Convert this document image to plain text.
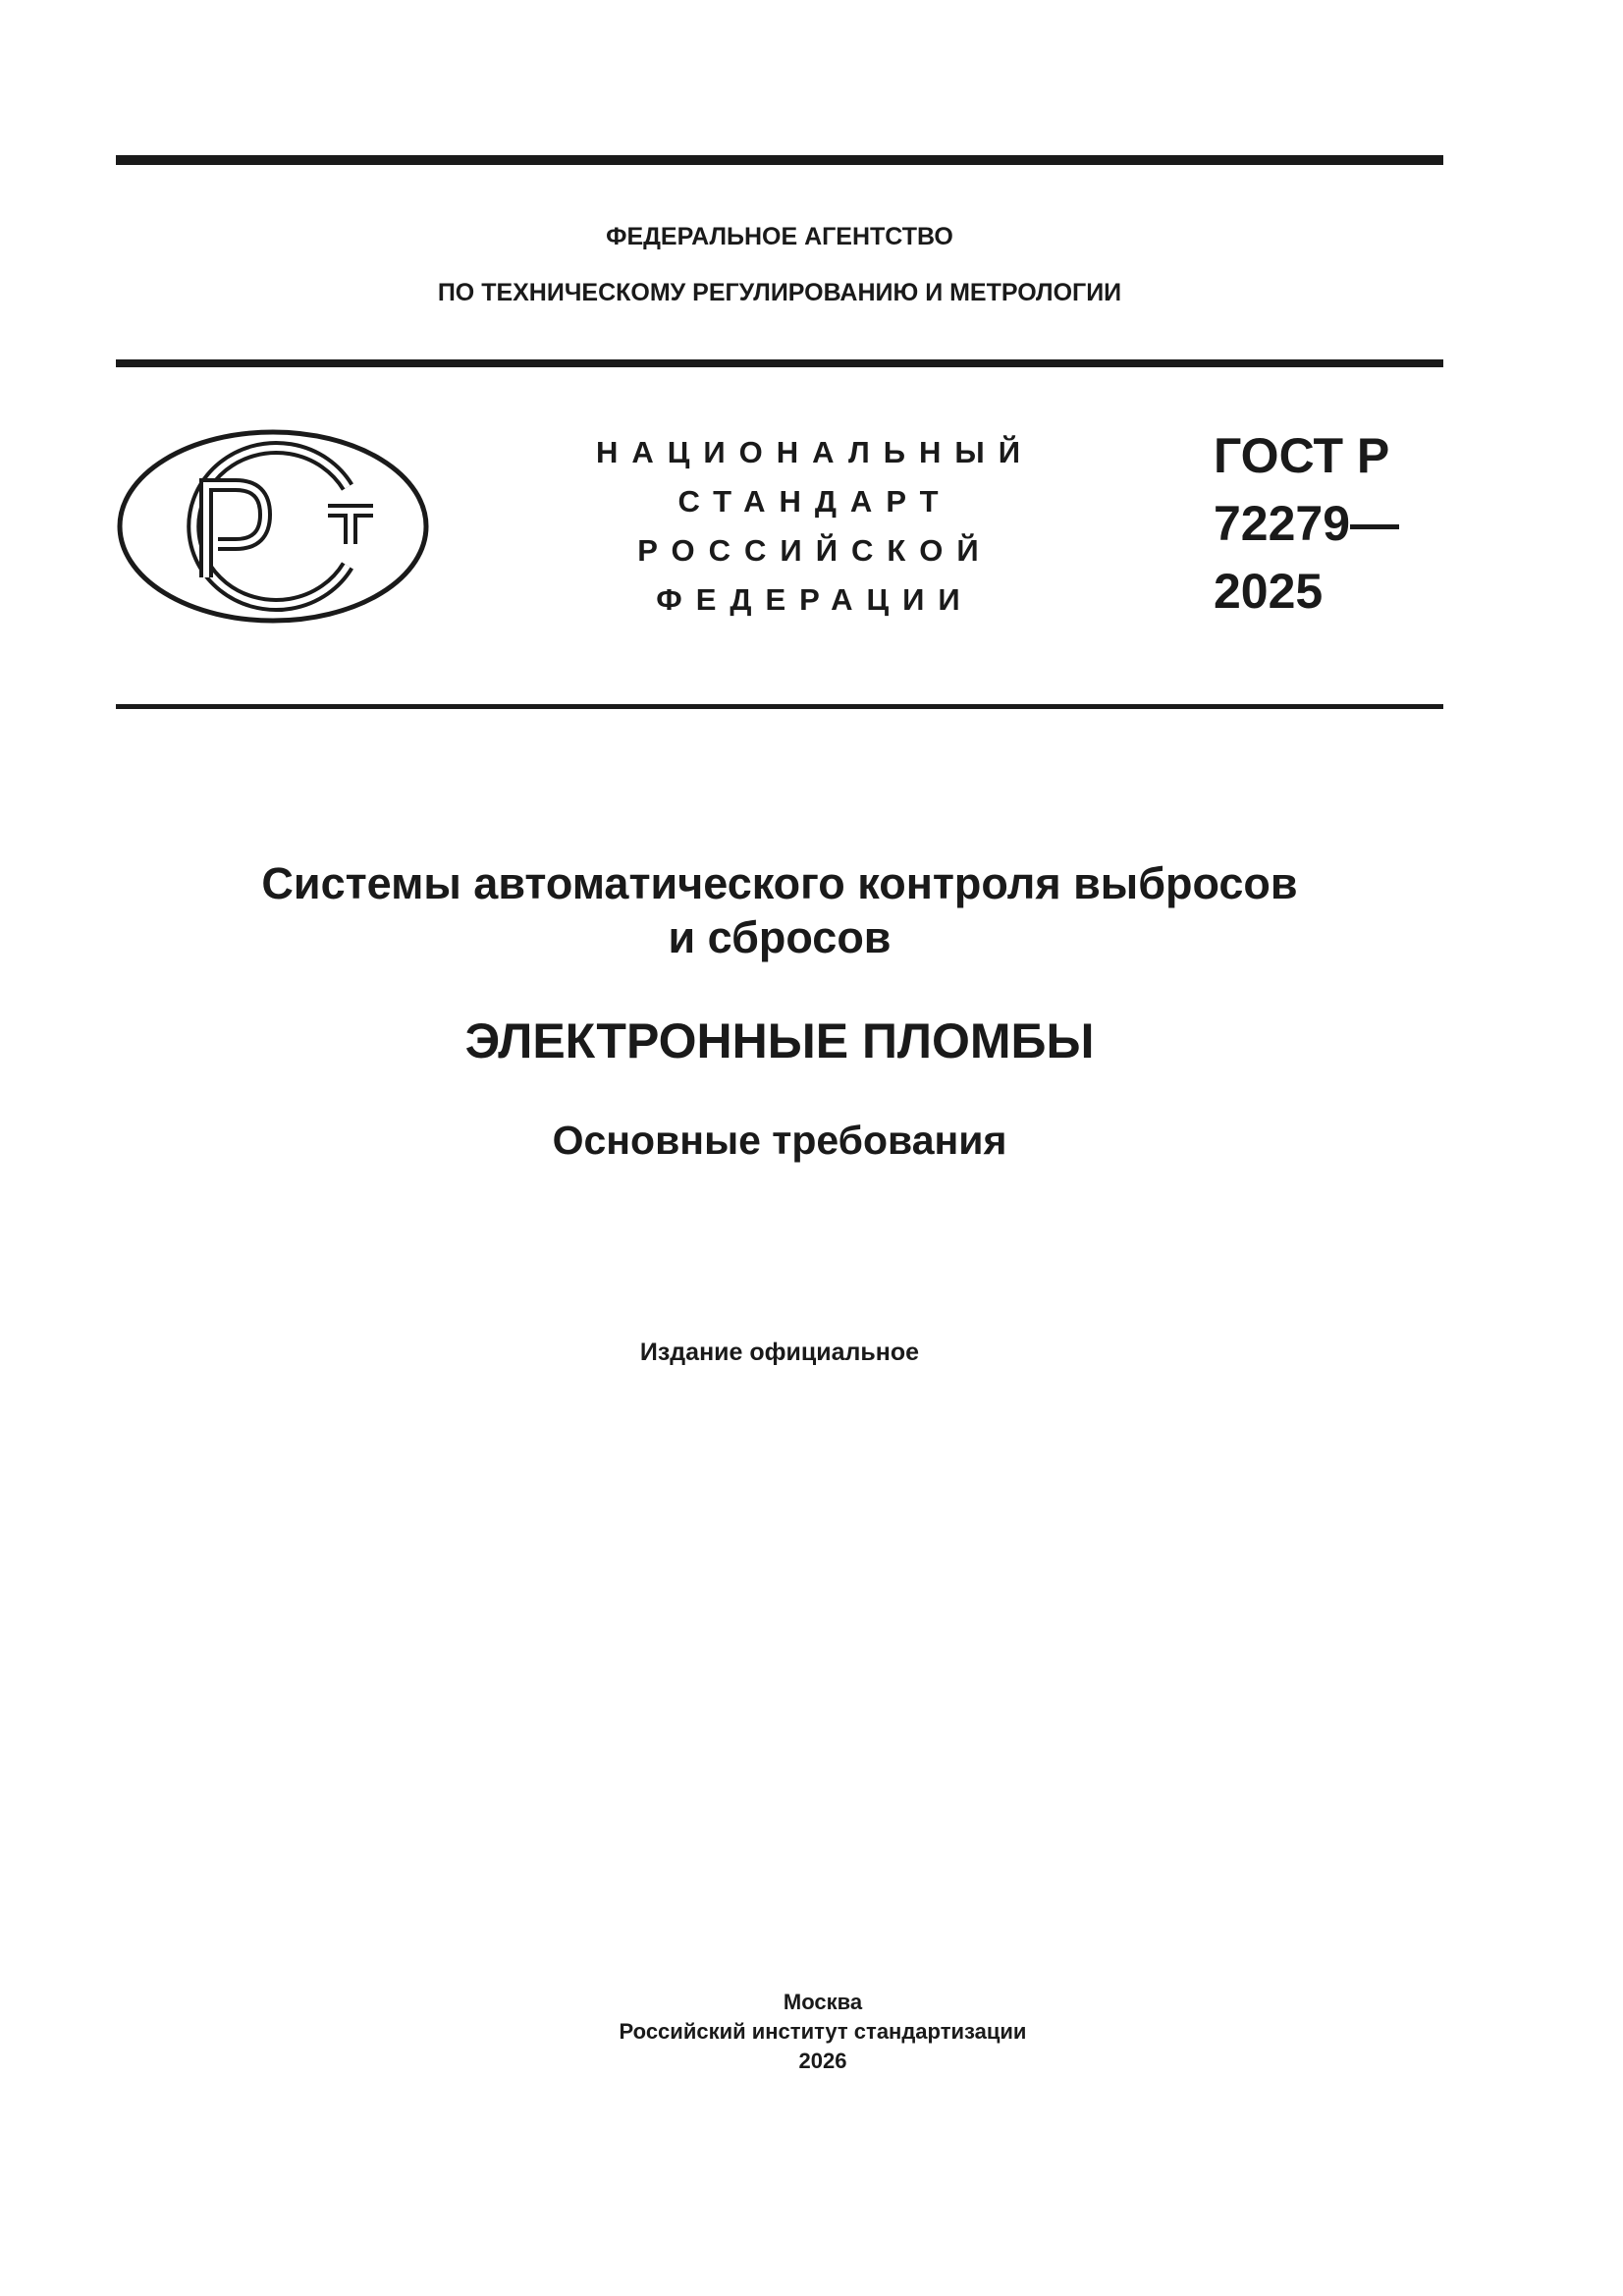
ФЕДЕРАЛЬНОЕ АГЕНТСТВО
ПО ТЕХНИЧЕСКОМУ РЕГУЛИРОВАНИЮ И МЕТРОЛОГИИ
НАЦИОНАЛЬНЫЙ
СТАНДАРТ
РОССИЙСКОЙ
ФЕДЕРАЦИИ
ГОСТ Р
72279—
2025
Системы автоматического контроля выбросов
и сбросов
ЭЛЕКТРОННЫЕ ПЛОМБЫ
Основные требования
Издание официальное
Москва
Российский институт стандартизации
2026
